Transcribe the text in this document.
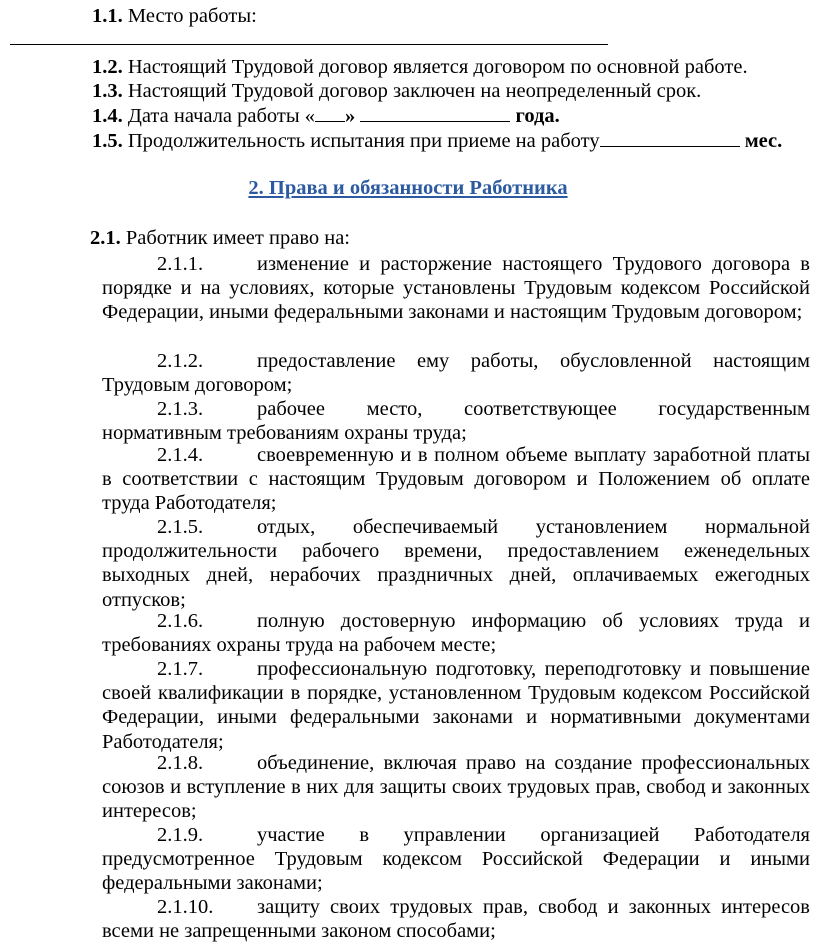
1.1. Место работы:
1.2. Настоящий Трудовой договор является договором по основной работе.
1.3. Настоящий Трудовой договор заключен на неопределенный срок.
1.4. Дата начала работы « »	года.
1.5. Продолжительность испытания при приеме на работу	мес.
2. Права и обязанности Работника
2.1. Работник имеет право на:
2.1.1.	изменение и расторжение настоящего Трудового договора в порядке и на условиях, которые установлены Трудовым кодексом Российской Федерации, иными федеральными законами и настоящим Трудовым договором;
2.1.2.	предоставление ему работы, обусловленной настоящим Трудовым договором;
2.1.3.	рабочее место, соответствующее государственным нормативным требованиям охраны труда;
2.1.4.	своевременную и в полном объеме выплату заработной платы в соответствии с настоящим Трудовым договором и Положением об оплате труда Работодателя;
2.1.5.	отдых, обеспечиваемый установлением нормальной продолжительности рабочего времени, предоставлением еженедельных выходных дней, нерабочих праздничных дней, оплачиваемых ежегодных отпусков;
2.1.6.	полную достоверную информацию об условиях труда и требованиях охраны труда на рабочем месте;
2.1.7.	профессиональную подготовку, переподготовку и повышение своей квалификации в порядке, установленном Трудовым кодексом Российской Федерации, иными федеральными законами и нормативными документами Работодателя;
2.1.8.	объединение, включая право на создание профессиональных союзов и вступление в них для защиты своих трудовых прав, свобод и законных интересов;
2.1.9.	участие в управлении организацией Работодателя предусмотренное Трудовым кодексом Российской Федерации и иными федеральными законами;
2.1.10. защиту своих трудовых прав, свобод и законных интересов всеми не запрещенными законом способами;
